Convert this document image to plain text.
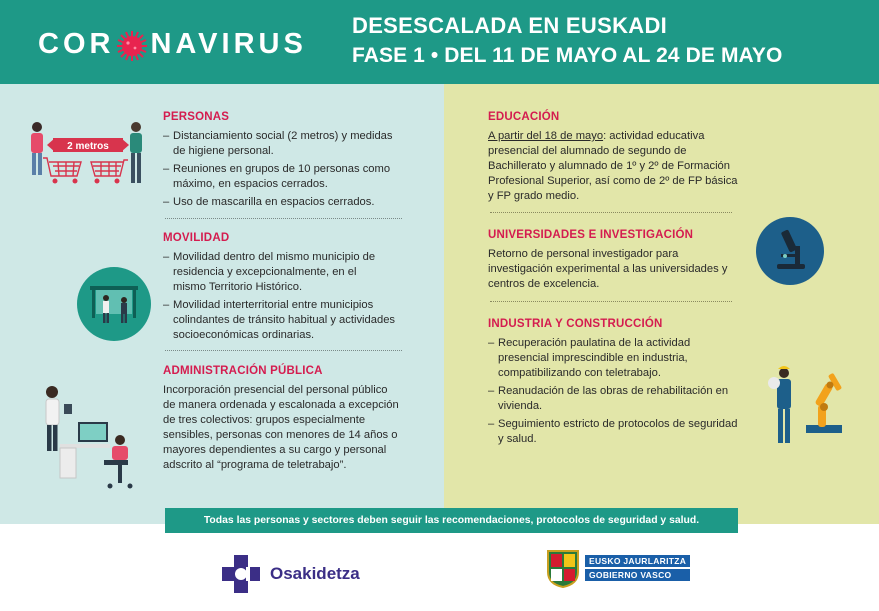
COR NAVIRUS
DESESCALADA EN EUSKADI
FASE 1 • DEL 11 DE MAYO AL 24 DE MAYO
2 metros
PERSONAS
– Distanciamiento social (2 metros) y medidas de higiene personal.
– Reuniones en grupos de 10 personas como máximo, en espacios cerrados.
– Uso de mascarilla en espacios cerrados.
MOVILIDAD
– Movilidad dentro del mismo municipio de residencia y excepcionalmente, en el mismo Territorio Histórico.
– Movilidad interterritorial entre municipios colindantes de tránsito habitual y actividades socioeconómicas ordinarias.
ADMINISTRACIÓN PÚBLICA

Incorporación presencial del personal público de manera ordenada y escalonada a excepción de tres colectivos: grupos especialmente sensibles, personas con menores de 14 años o mayores dependientes a su cargo y personal adscrito al “programa de teletrabajo”.

EDUCACIÓN

A partir del 18 de mayo: actividad educativa presencial del alumnado de segundo de Bachillerato y alumnado de 1º y 2º de Formación Profesional Superior, así como de 2º de FP básica y FP grado medio.

UNIVERSIDADES E INVESTIGACIÓN

Retorno de personal investigador para investigación experimental a las universidades y centros de excelencia.

INDUSTRIA Y CONSTRUCCIÓN
– Recuperación paulatina de la actividad presencial imprescindible en industria, compatibilizando con teletrabajo.
– Reanudación de las obras de rehabilitación en vivienda.
– Seguimiento estricto de protocolos de seguridad y salud.
Todas las personas y sectores deben seguir las recomendaciones, protocolos de seguridad y salud.
Osakidetza
EUSKO JAURLARITZA
GOBIERNO VASCO
